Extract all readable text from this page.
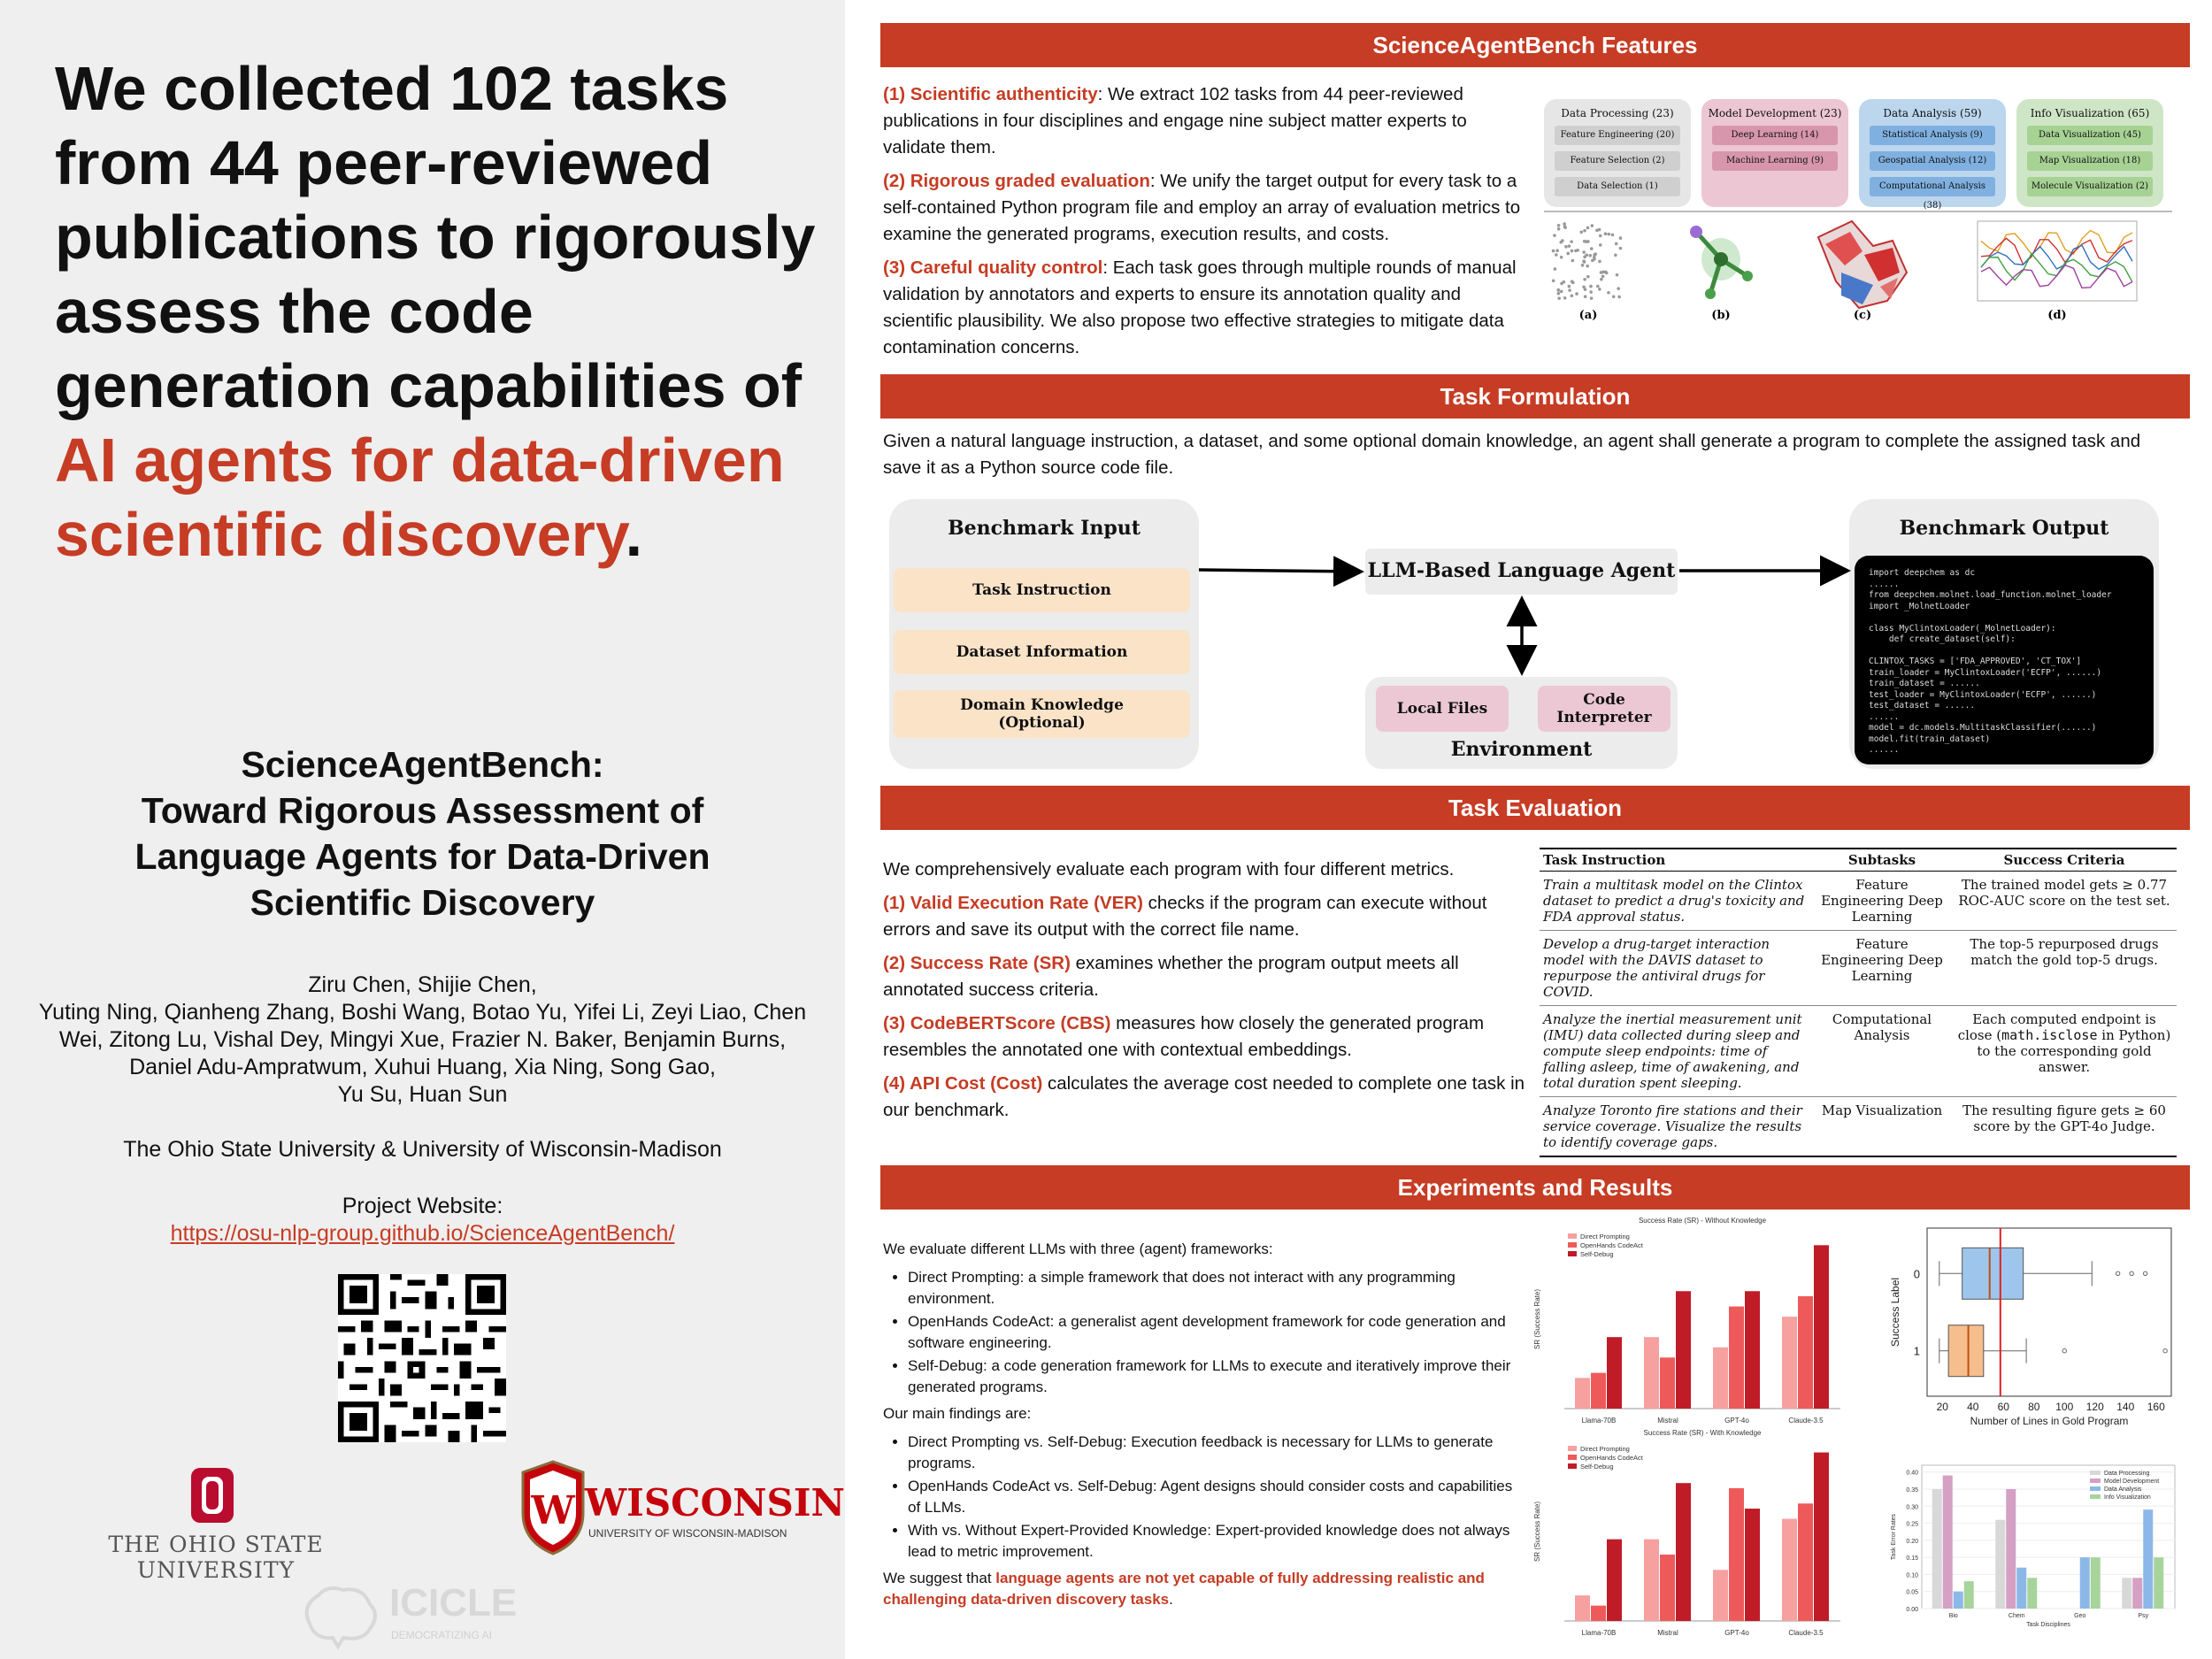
We collected 102 tasks from 44 peer-reviewed publications to rigorously assess the code generation capabilities of AI agents for data-driven scientific discovery.
ScienceAgentBench:
Toward Rigorous Assessment of
Language Agents for Data-Driven
Scientific Discovery
Ziru Chen, Shijie Chen,
Yuting Ning, Qianheng Zhang, Boshi Wang, Botao Yu, Yifei Li, Zeyi Liao, Chen
Wei, Zitong Lu, Vishal Dey, Mingyi Xue, Frazier N. Baker, Benjamin Burns,
Daniel Adu-Ampratwum, Xuhui Huang, Xia Ning, Song Gao,
Yu Su, Huan Sun
The Ohio State University & University of Wisconsin-Madison
Project Website:
https://osu-nlp-group.github.io/ScienceAgentBench/
THE OHIO STATE UNIVERSITY
W WISCONSIN
UNIVERSITY OF WISCONSIN-MADISON
ICICLE
DEMOCRATIZING AI
ScienceAgentBench Features

(1) Scientific authenticity: We extract 102 tasks from 44 peer-reviewed publications in four disciplines and engage nine subject matter experts to validate them.

(2) Rigorous graded evaluation: We unify the target output for every task to a self-contained Python program file and employ an array of evaluation metrics to examine the generated programs, execution results, and costs.

(3) Careful quality control: Each task goes through multiple rounds of manual validation by annotators and experts to ensure its annotation quality and scientific plausibility. We also propose two effective strategies to mitigate data contamination concerns.

Data Processing (23)
Feature Engineering (20)
Feature Selection (2)
Data Selection (1)
Model Development (23)
Deep Learning (14)
Machine Learning (9)
Data Analysis (59)
Statistical Analysis (9)
Geospatial Analysis (12)
Computational Analysis (38)
Info Visualization (65)
Data Visualization (45)
Map Visualization (18)
Molecule Visualization (2)
(a)	(b)	(c)	(d)
Task Formulation
Given a natural language instruction, a dataset, and some optional domain knowledge, an agent shall generate a program to complete the assigned task and save it as a Python source code file.
Benchmark Input
Task Instruction
Dataset Information
Domain Knowledge (Optional)
LLM-Based Language Agent
Local Files	Code Interpreter
Environment
Benchmark Output
import deepchem as dc
......
from deepchem.molnet.load_function.molnet_loader
import _MolnetLoader

class MyClintoxLoader(_MolnetLoader):
def create_dataset(self):

CLINTOX_TASKS = ['FDA_APPROVED', 'CT_TOX']
train_loader = MyClintoxLoader('ECFP', ......)
train_dataset = ......
test_loader = MyClintoxLoader('ECFP', ......)
test_dataset = ......
......
model = dc.models.MultitaskClassifier(......)
model.fit(train_dataset)
......
Task Evaluation

We comprehensively evaluate each program with four different metrics.

(1) Valid Execution Rate (VER) checks if the program can execute without errors and save its output with the correct file name.

(2) Success Rate (SR) examines whether the program output meets all annotated success criteria.

(3) CodeBERTScore (CBS) measures how closely the generated program resembles the annotated one with contextual embeddings.

(4) API Cost (Cost) calculates the average cost needed to complete one task in our benchmark.

Task Instruction	Subtasks	Success Criteria
Train a multitask model on the Clintox dataset to predict a drug's toxicity and FDA approval status.	Feature Engineering Deep Learning	The trained model gets ≥ 0.77 ROC-AUC score on the test set.
Develop a drug-target interaction model with the DAVIS dataset to repurpose the antiviral drugs for COVID.	Feature Engineering Deep Learning	The top-5 repurposed drugs match the gold top-5 drugs.
Analyze the inertial measurement unit (IMU) data collected during sleep and compute sleep endpoints: time of falling asleep, time of awakening, and total duration spent sleeping.	Computational Analysis	Each computed endpoint is close (math.isclose in Python) to the corresponding gold answer.
Analyze Toronto fire stations and their service coverage. Visualize the results to identify coverage gaps.	Map Visualization	The resulting figure gets ≥ 60 score by the GPT-4o Judge.
Experiments and Results

We evaluate different LLMs with three (agent) frameworks:

• Direct Prompting: a simple framework that does not interact with any programming environment.
• OpenHands CodeAct: a generalist agent development framework for code generation and software engineering.
• Self-Debug: a code generation framework for LLMs to execute and iteratively improve their generated programs.

Our main findings are:

• Direct Prompting vs. Self-Debug: Execution feedback is necessary for LLMs to generate programs.
• OpenHands CodeAct vs. Self-Debug: Agent designs should consider costs and capabilities of LLMs.
• With vs. Without Expert-Provided Knowledge: Expert-provided knowledge does not always lead to metric improvement.

We suggest that language agents are not yet capable of fully addressing realistic and challenging data-driven discovery tasks.

Success Rate (SR) - Without Knowledge
SR (Success Rate)
Llama-70B	Mistral	GPT-4o	Claude-3.5
Direct Prompting
OpenHands CodeAct
Self-Debug
Success Rate (SR) - With Knowledge
SR (Success Rate)
Llama-70B	Mistral	GPT-4o	Claude-3.5
Direct Prompting
OpenHands CodeAct
Self-Debug
0
1
20 40 60 80 100 120 140 160
Number of Lines in Gold Program
Success Label
0.00
0.05
0.10
0.15
0.20
0.25
0.30
0.35
0.40
Bio	Chem	Geo	Psy
Task Disciplines
Task Error Rates
Data Processing
Model Development
Data Analysis
Info Visualization
